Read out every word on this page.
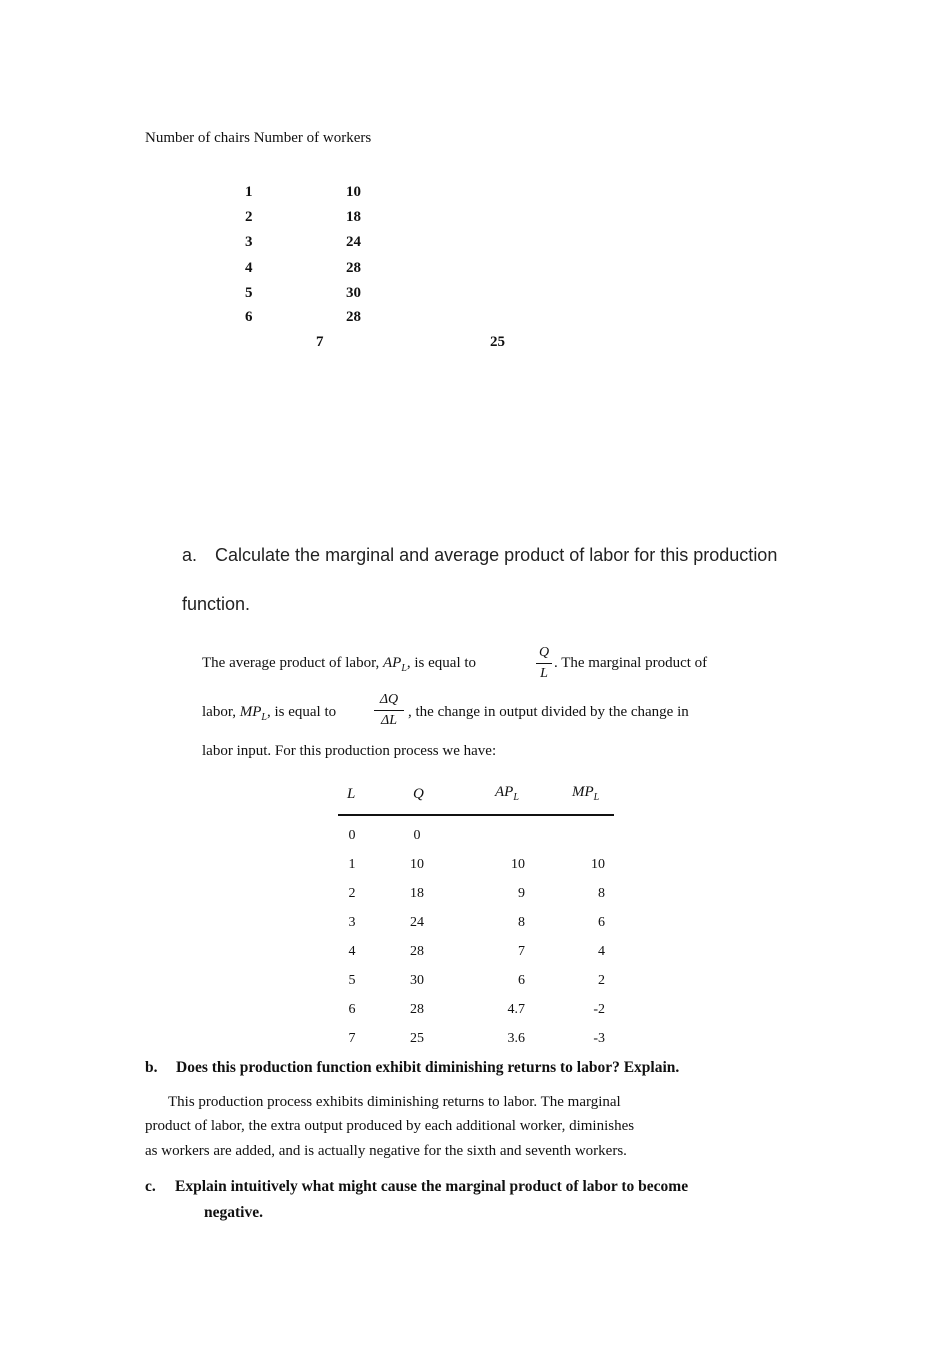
Number of chairs Number of workers
1	10
2	18
3	24
4	28
5	30
6	28
7	25
a. Calculate the marginal and average product of labor for this production
function.
The average product of labor, $AP_L$, is equal to
Q
L
. The marginal product of
labor, $MP_L$, is equal to
ΔQ
ΔL
, the change in output divided by the change in
labor input. For this production process we have:
L	Q	$AP_L$	$MP_L$
0	0
1	10	10	10
2	18	9	8
3	24	8	6
4	28	7	4
5	30	6	2
6	28	4.7	-2
7	25	3.6	-3
b. Does this production function exhibit diminishing returns to labor? Explain.
This production process exhibits diminishing returns to labor. The marginal
product of labor, the extra output produced by each additional worker, diminishes
as workers are added, and is actually negative for the sixth and seventh workers.
c. Explain intuitively what might cause the marginal product of labor to become
negative.
